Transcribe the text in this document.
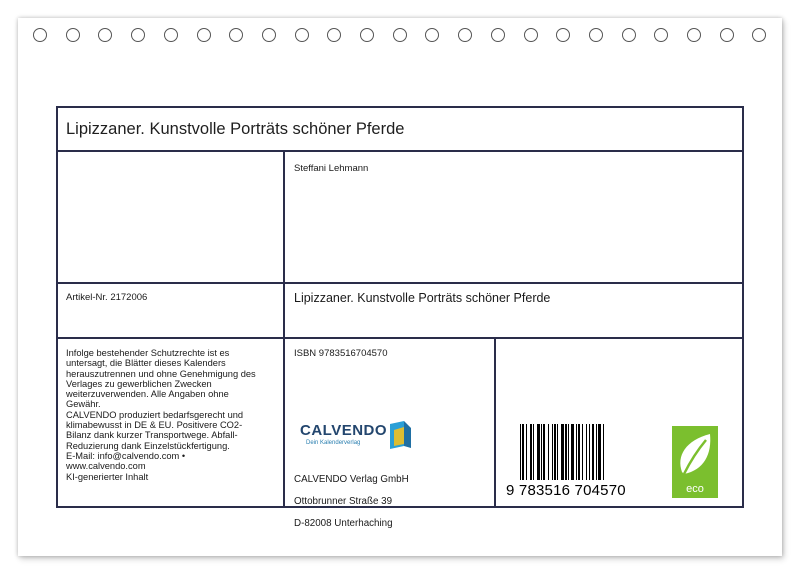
Lipizzaner. Kunstvolle Porträts schöner Pferde
Steffani Lehmann
Artikel-Nr. 2172006	Lipizzaner. Kunstvolle Porträts schöner Pferde
Infolge bestehender Schutzrechte ist es
untersagt, die Blätter dieses Kalenders
herauszutrennen und ohne Genehmigung des
Verlages zu gewerblichen Zwecken
weiterzuverwenden. Alle Angaben ohne
Gewähr.
CALVENDO produziert bedarfsgerecht und
klimabewusst in DE & EU. Positivere CO2-
Bilanz dank kurzer Transportwege. Abfall-
Reduzierung dank Einzelstückfertigung.
E-Mail: info@calvendo.com •
www.calvendo.com
KI-generierter Inhalt
ISBN 9783516704570
CALVENDO
Dein Kalenderverlag

CALVENDO Verlag GmbH

Ottobrunner Straße 39

D-82008 Unterhaching

9 783516 704570	eco
